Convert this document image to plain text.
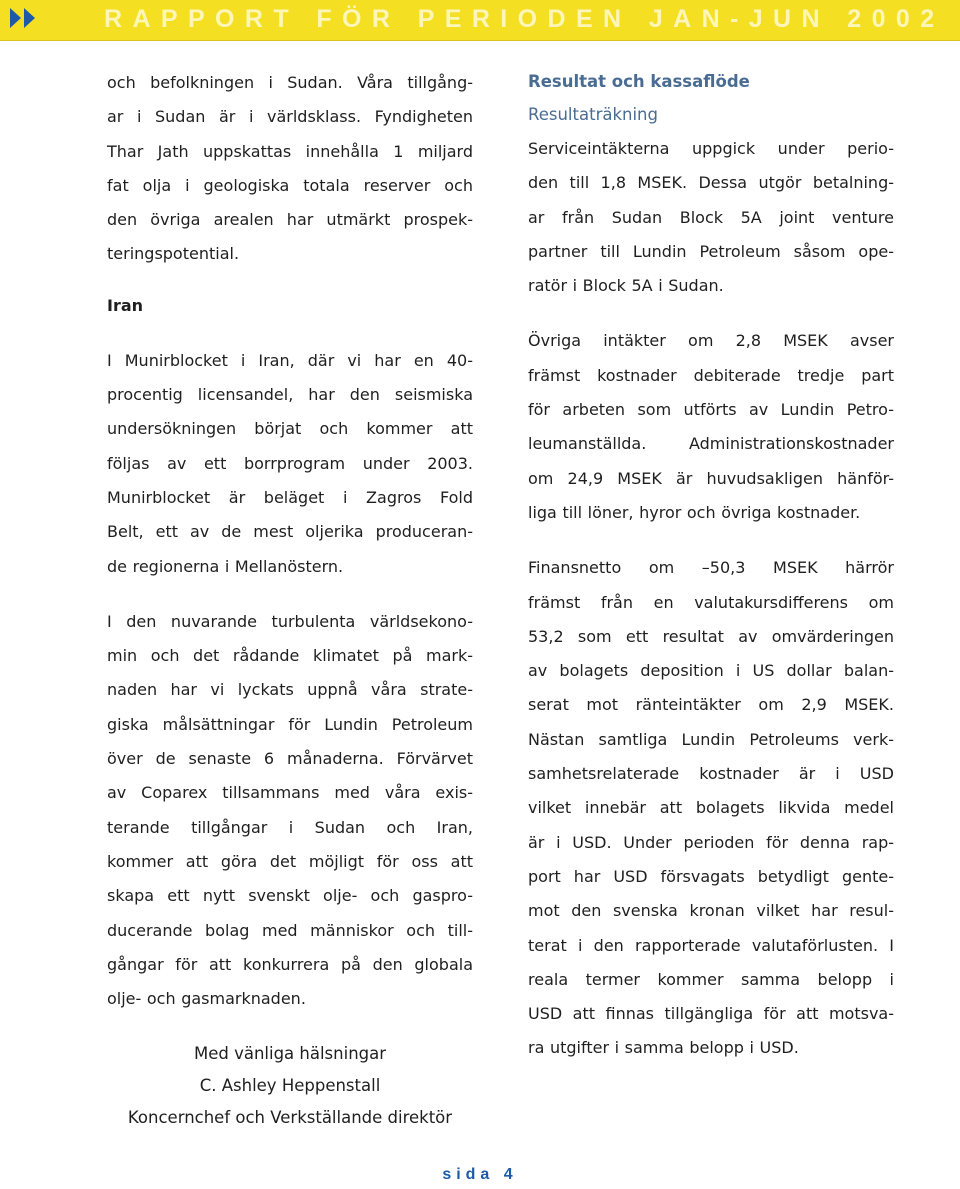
RAPPORT FÖR PERIODEN JAN-JUN 2002

och befolkningen i Sudan. Våra tillgång-
ar i Sudan är i världsklass. Fyndigheten
Thar Jath uppskattas innehålla 1 miljard
fat olja i geologiska totala reserver och
den övriga arealen har utmärkt prospek-
teringspotential.

Iran

I Munirblocket i Iran, där vi har en 40-
procentig licensandel, har den seismiska
undersökningen börjat och kommer att
följas av ett borrprogram under 2003.
Munirblocket är beläget i Zagros Fold
Belt, ett av de mest oljerika produceran-
de regionerna i Mellanöstern.

I den nuvarande turbulenta världsekono-
min och det rådande klimatet på mark-
naden har vi lyckats uppnå våra strate-
giska målsättningar för Lundin Petroleum
över de senaste 6 månaderna. Förvärvet
av Coparex tillsammans med våra exis-
terande tillgångar i Sudan och Iran,
kommer att göra det möjligt för oss att
skapa ett nytt svenskt olje- och gaspro-
ducerande bolag med människor och till-
gångar för att konkurrera på den globala
olje- och gasmarknaden.

Med vänliga hälsningar

C. Ashley Heppenstall

Koncernchef och Verkställande direktör

Resultat och kassaflöde

Resultaträkning

Serviceintäkterna uppgick under perio-
den till 1,8 MSEK. Dessa utgör betalning-
ar från Sudan Block 5A joint venture
partner till Lundin Petroleum såsom ope-
ratör i Block 5A i Sudan.

Övriga intäkter om 2,8 MSEK avser
främst kostnader debiterade tredje part
för arbeten som utförts av Lundin Petro-
leumanställda. Administrationskostnader
om 24,9 MSEK är huvudsakligen hänför-
liga till löner, hyror och övriga kostnader.

Finansnetto om –50,3 MSEK härrör
främst från en valutakursdifferens om
53,2 som ett resultat av omvärderingen
av bolagets deposition i US dollar balan-
serat mot ränteintäkter om 2,9 MSEK.
Nästan samtliga Lundin Petroleums verk-
samhetsrelaterade kostnader är i USD
vilket innebär att bolagets likvida medel
är i USD. Under perioden för denna rap-
port har USD försvagats betydligt gente-
mot den svenska kronan vilket har resul-
terat i den rapporterade valutaförlusten. I
reala termer kommer samma belopp i
USD att finnas tillgängliga för att motsva-
ra utgifter i samma belopp i USD.

sida 4
